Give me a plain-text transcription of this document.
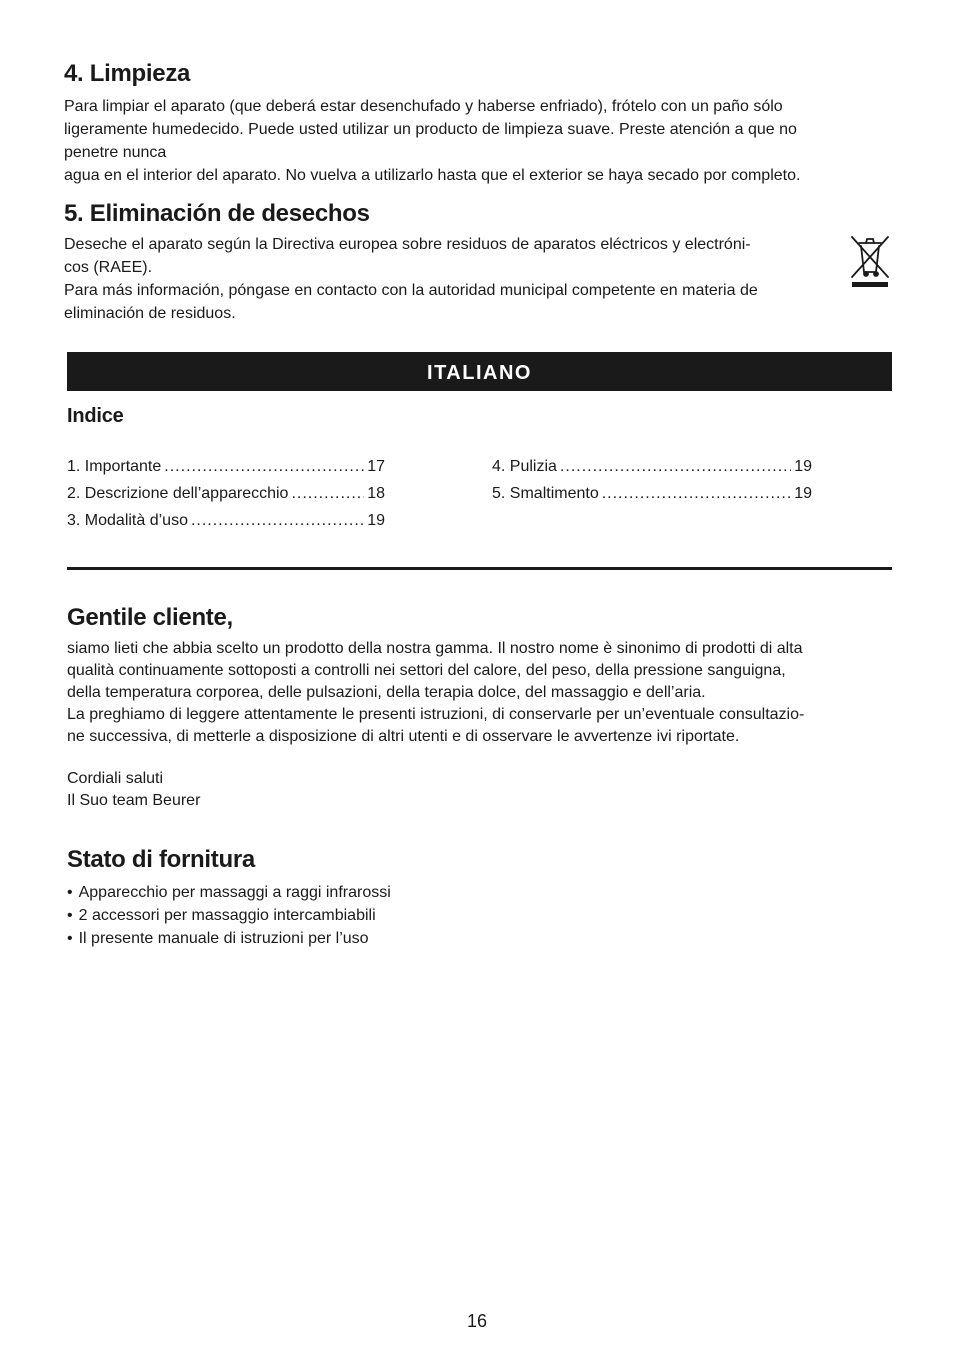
4. Limpieza

Para limpiar el aparato (que deberá estar desenchufado y haberse enfriado), frótelo con un paño sólo

ligeramente humedecido. Puede usted utilizar un producto de limpieza suave. Preste atención a que no

penetre nunca

agua en el interior del aparato. No vuelva a utilizarlo hasta que el exterior se haya secado por completo.

5. Eliminación de desechos

Deseche el aparato según la Directiva europea sobre residuos de aparatos eléctricos y electróni-

cos (RAEE).

Para más información, póngase en contacto con la autoridad municipal competente en materia de

eliminación de residuos.

ITALIANO
Indice
1. Importante .....	17
2. Descrizione dell’apparecchio .....	18
3. Modalità d’uso .....	19
4. Pulizia .....	19
5. Smaltimento .....	19
Gentile cliente,

siamo lieti che abbia scelto un prodotto della nostra gamma. Il nostro nome è sinonimo di prodotti di alta

qualità continuamente sottoposti a controlli nei settori del calore, del peso, della pressione sanguigna,

della temperatura corporea, delle pulsazioni, della terapia dolce, del massaggio e dell’aria.

La preghiamo di leggere attentamente le presenti istruzioni, di conservarle per un’eventuale consultazio-

ne successiva, di metterle a disposizione di altri utenti e di osservare le avvertenze ivi riportate.

Cordiali saluti

Il Suo team Beurer

Stato di fornitura
• Apparecchio per massaggi a raggi infrarossi
• 2 accessori per massaggio intercambiabili
• Il presente manuale di istruzioni per l’uso
16
